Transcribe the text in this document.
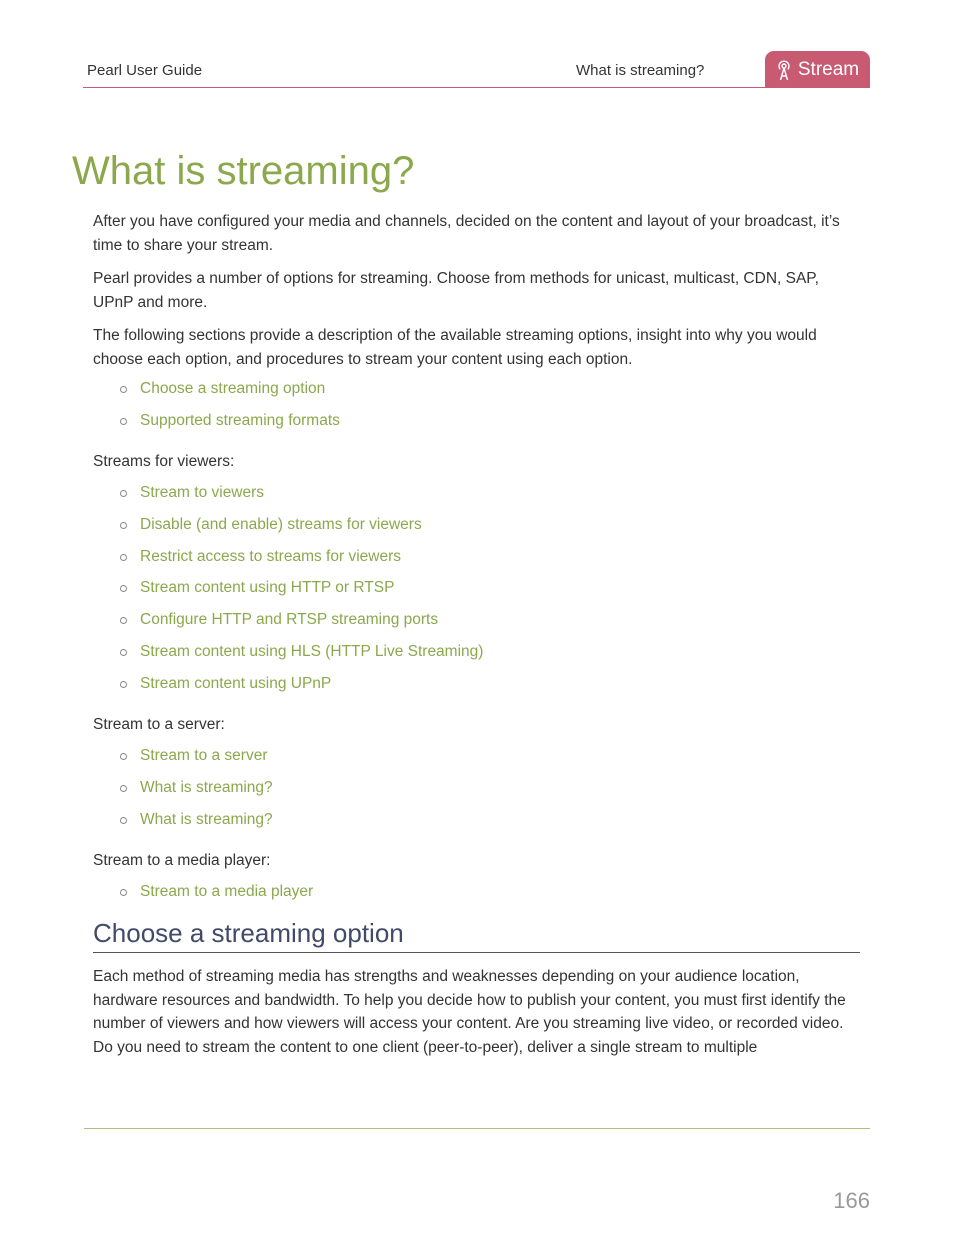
Pearl User Guide	What is streaming?	Stream
What is streaming?

After you have configured your media and channels, decided on the content and layout of your broadcast, it’s time to share your stream.

Pearl provides a number of options for streaming. Choose from methods for unicast, multicast, CDN, SAP, UPnP and more.

The following sections provide a description of the available streaming options, insight into why you would choose each option, and procedures to stream your content using each option.

Choose a streaming option
Supported streaming formats

Streams for viewers:

Stream to viewers
Disable (and enable) streams for viewers
Restrict access to streams for viewers
Stream content using HTTP or RTSP
Configure HTTP and RTSP streaming ports
Stream content using HLS (HTTP Live Streaming)
Stream content using UPnP

Stream to a server:

Stream to a server
What is streaming?
What is streaming?

Stream to a media player:

Stream to a media player
Choose a streaming option

Each method of streaming media has strengths and weaknesses depending on your audience location, hardware resources and bandwidth. To help you decide how to publish your content, you must first identify the number of viewers and how viewers will access your content. Are you streaming live video, or recorded video. Do you need to stream the content to one client (peer-to-peer), deliver a single stream to multiple

166
